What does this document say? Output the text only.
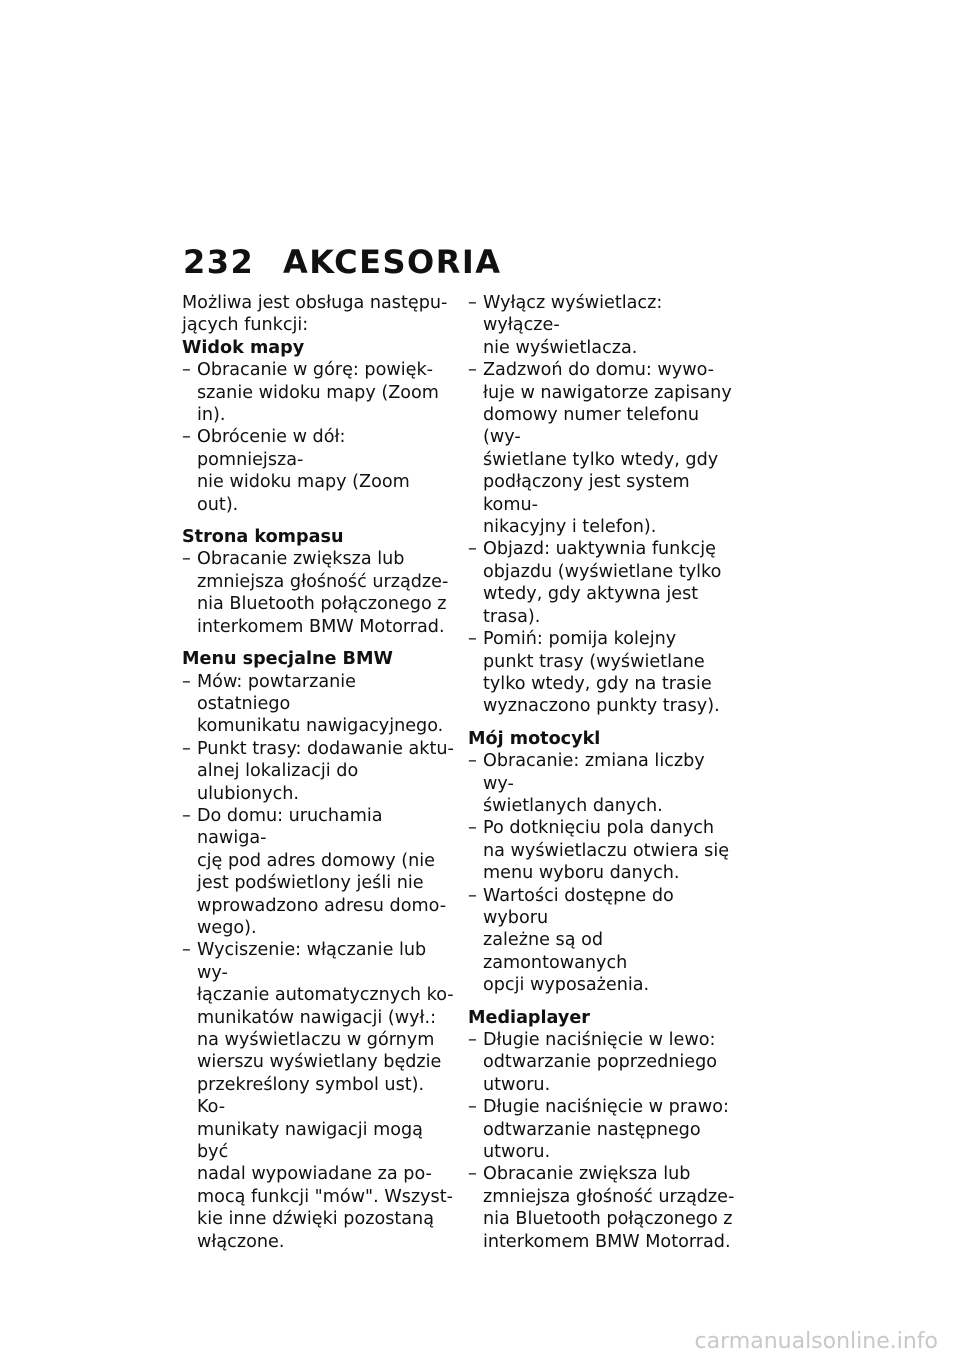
232 AKCESORIA

Możliwa jest obsługa następu-
jących funkcji:

Widok mapy

– Obracanie w górę: powięk-
szanie widoku mapy (Zoom
in).
– Obrócenie w dół: pomniejsza-
nie widoku mapy (Zoom out).

Strona kompasu

– Obracanie zwiększa lub
zmniejsza głośność urządze-
nia Bluetooth połączonego z
interkomem BMW Motorrad.

Menu specjalne BMW

– Mów: powtarzanie ostatniego
komunikatu nawigacyjnego.
– Punkt trasy: dodawanie aktu-
alnej lokalizacji do ulubionych.
– Do domu: uruchamia nawiga-
cję pod adres domowy (nie
jest podświetlony jeśli nie
wprowadzono adresu domo-
wego).
– Wyciszenie: włączanie lub wy-
łączanie automatycznych ko-
munikatów nawigacji (wył.:
na wyświetlaczu w górnym
wierszu wyświetlany będzie
przekreślony symbol ust). Ko-
munikaty nawigacji mogą być
nadal wypowiadane za po-
mocą funkcji "mów". Wszyst-
kie inne dźwięki pozostaną
włączone.
– Wyłącz wyświetlacz: wyłącze-
nie wyświetlacza.
– Zadzwoń do domu: wywo-
łuje w nawigatorze zapisany
domowy numer telefonu (wy-
świetlane tylko wtedy, gdy
podłączony jest system komu-
nikacyjny i telefon).
– Objazd: uaktywnia funkcję
objazdu (wyświetlane tylko
wtedy, gdy aktywna jest
trasa).
– Pomiń: pomija kolejny
punkt trasy (wyświetlane
tylko wtedy, gdy na trasie
wyznaczono punkty trasy).

Mój motocykl

– Obracanie: zmiana liczby wy-
świetlanych danych.
– Po dotknięciu pola danych
na wyświetlaczu otwiera się
menu wyboru danych.
– Wartości dostępne do wyboru
zależne są od zamontowanych
opcji wyposażenia.

Mediaplayer

– Długie naciśnięcie w lewo:
odtwarzanie poprzedniego
utworu.
– Długie naciśnięcie w prawo:
odtwarzanie następnego
utworu.
– Obracanie zwiększa lub
zmniejsza głośność urządze-
nia Bluetooth połączonego z
interkomem BMW Motorrad.
carmanualsonline.info
